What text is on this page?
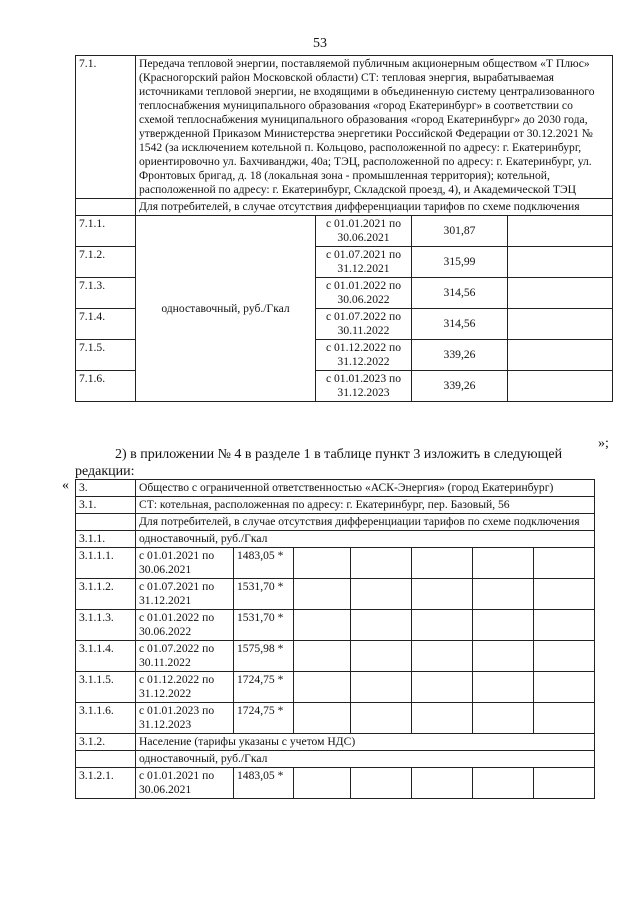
53
7.1.	Передача тепловой энергии, поставляемой публичным акционерным обществом «Т Плюс» (Красногорский район Московской области) СТ: тепловая энергия, вырабатываемая источниками тепловой энергии, не входящими в объединенную систему централизованного теплоснабжения муниципального образования «город Екатеринбург» в соответствии со схемой теплоснабжения муниципального образования «город Екатеринбург» до 2030 года, утвержденной Приказом Министерства энергетики Российской Федерации от 30.12.2021 № 1542 (за исключением котельной п. Кольцово, расположенной по адресу: г. Екатеринбург, ориентировочно ул. Бахчиванджи, 40а; ТЭЦ, расположенной по адресу: г. Екатеринбург, ул. Фронтовых бригад, д. 18 (локальная зона - промышленная территория); котельной, расположенной по адресу: г. Екатеринбург, Складской проезд, 4), и Академической ТЭЦ			
	Для потребителей, в случае отсутствия дифференциации тарифов по схеме подключения			
7.1.1.	одноставочный, руб./Гкал	с 01.01.2021 по 30.06.2021	301,87	
7.1.2.		с 01.07.2021 по 31.12.2021	315,99	
7.1.3.		с 01.01.2022 по 30.06.2022	314,56	
7.1.4.		с 01.07.2022 по 30.11.2022	314,56	
7.1.5.		с 01.12.2022 по 31.12.2022	339,26	
7.1.6.		с 01.01.2023 по 31.12.2023	339,26	
»;
2) в приложении № 4 в разделе 1 в таблице пункт 3 изложить в следующей редакции:
« 3.	Общество с ограниченной ответственностью «АСК-Энергия» (город Екатеринбург)						
3.1.	СТ: котельная, расположенная по адресу: г. Екатеринбург, пер. Базовый, 56						
	Для потребителей, в случае отсутствия дифференциации тарифов по схеме подключения						
3.1.1.	одноставочный, руб./Гкал						
3.1.1.1.	с 01.01.2021 по 30.06.2021	1483,05 *					
3.1.1.2.	с 01.07.2021 по 31.12.2021	1531,70 *					
3.1.1.3.	с 01.01.2022 по 30.06.2022	1531,70 *					
3.1.1.4.	с 01.07.2022 по 30.11.2022	1575,98 *					
3.1.1.5.	с 01.12.2022 по 31.12.2022	1724,75 *					
3.1.1.6.	с 01.01.2023 по 31.12.2023	1724,75 *					
3.1.2.	Население (тарифы указаны с учетом НДС)						
	одноставочный, руб./Гкал						
3.1.2.1.	с 01.01.2021 по 30.06.2021	1483,05 *					
